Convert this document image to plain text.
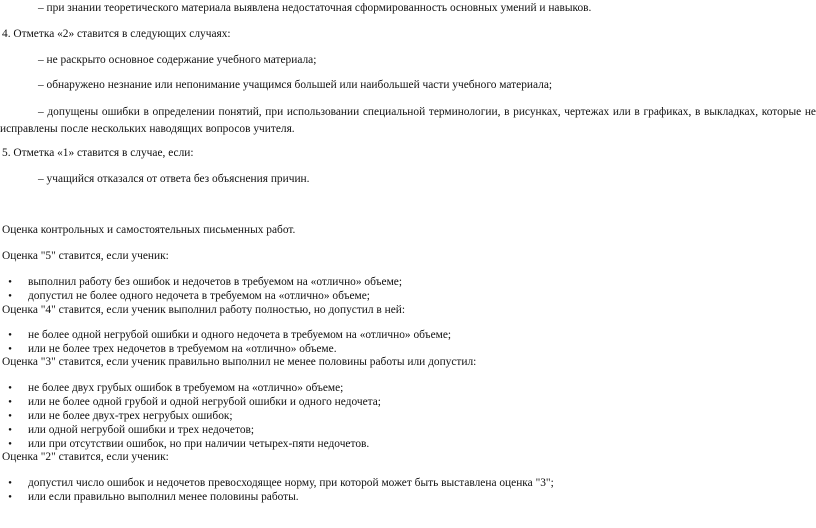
– при знании теоретического материала выявлена недостаточная сформированность основных умений и навыков.
4. Отметка «2» ставится в следующих случаях:
– не раскрыто основное содержание учебного материала;
– обнаружено незнание или непонимание учащимся большей или наибольшей части учебного материала;
– допущены ошибки в определении понятий, при использовании специальной терминологии, в рисунках, чертежах или в графиках, в выкладках, которые не исправлены после нескольких наводящих вопросов учителя.
5. Отметка «1» ставится в случае, если:
– учащийся отказался от ответа без объяснения причин.
Оценка контрольных и самостоятельных письменных работ.
Оценка "5" ставится, если ученик:
●
выполнил работу без ошибок и недочетов в требуемом на «отлично» объеме;
●
допустил не более одного недочета в требуемом на «отлично» объеме;
Оценка "4" ставится, если ученик выполнил работу полностью, но допустил в ней:
●
не более одной негрубой ошибки и одного недочета в требуемом на «отлично» объеме;
●
или не более трех недочетов в требуемом на «отлично» объеме.
Оценка "3" ставится, если ученик правильно выполнил не менее половины работы или допустил:
●
не более двух грубых ошибок в требуемом на «отлично» объеме;
●
или не более одной грубой и одной негрубой ошибки и одного недочета;
●
или не более двух-трех негрубых ошибок;
●
или одной негрубой ошибки и трех недочетов;
●
или при отсутствии ошибок, но при наличии четырех-пяти недочетов.
Оценка "2" ставится, если ученик:
●
допустил число ошибок и недочетов превосходящее норму, при которой может быть выставлена оценка "3";
●
или если правильно выполнил менее половины работы.
